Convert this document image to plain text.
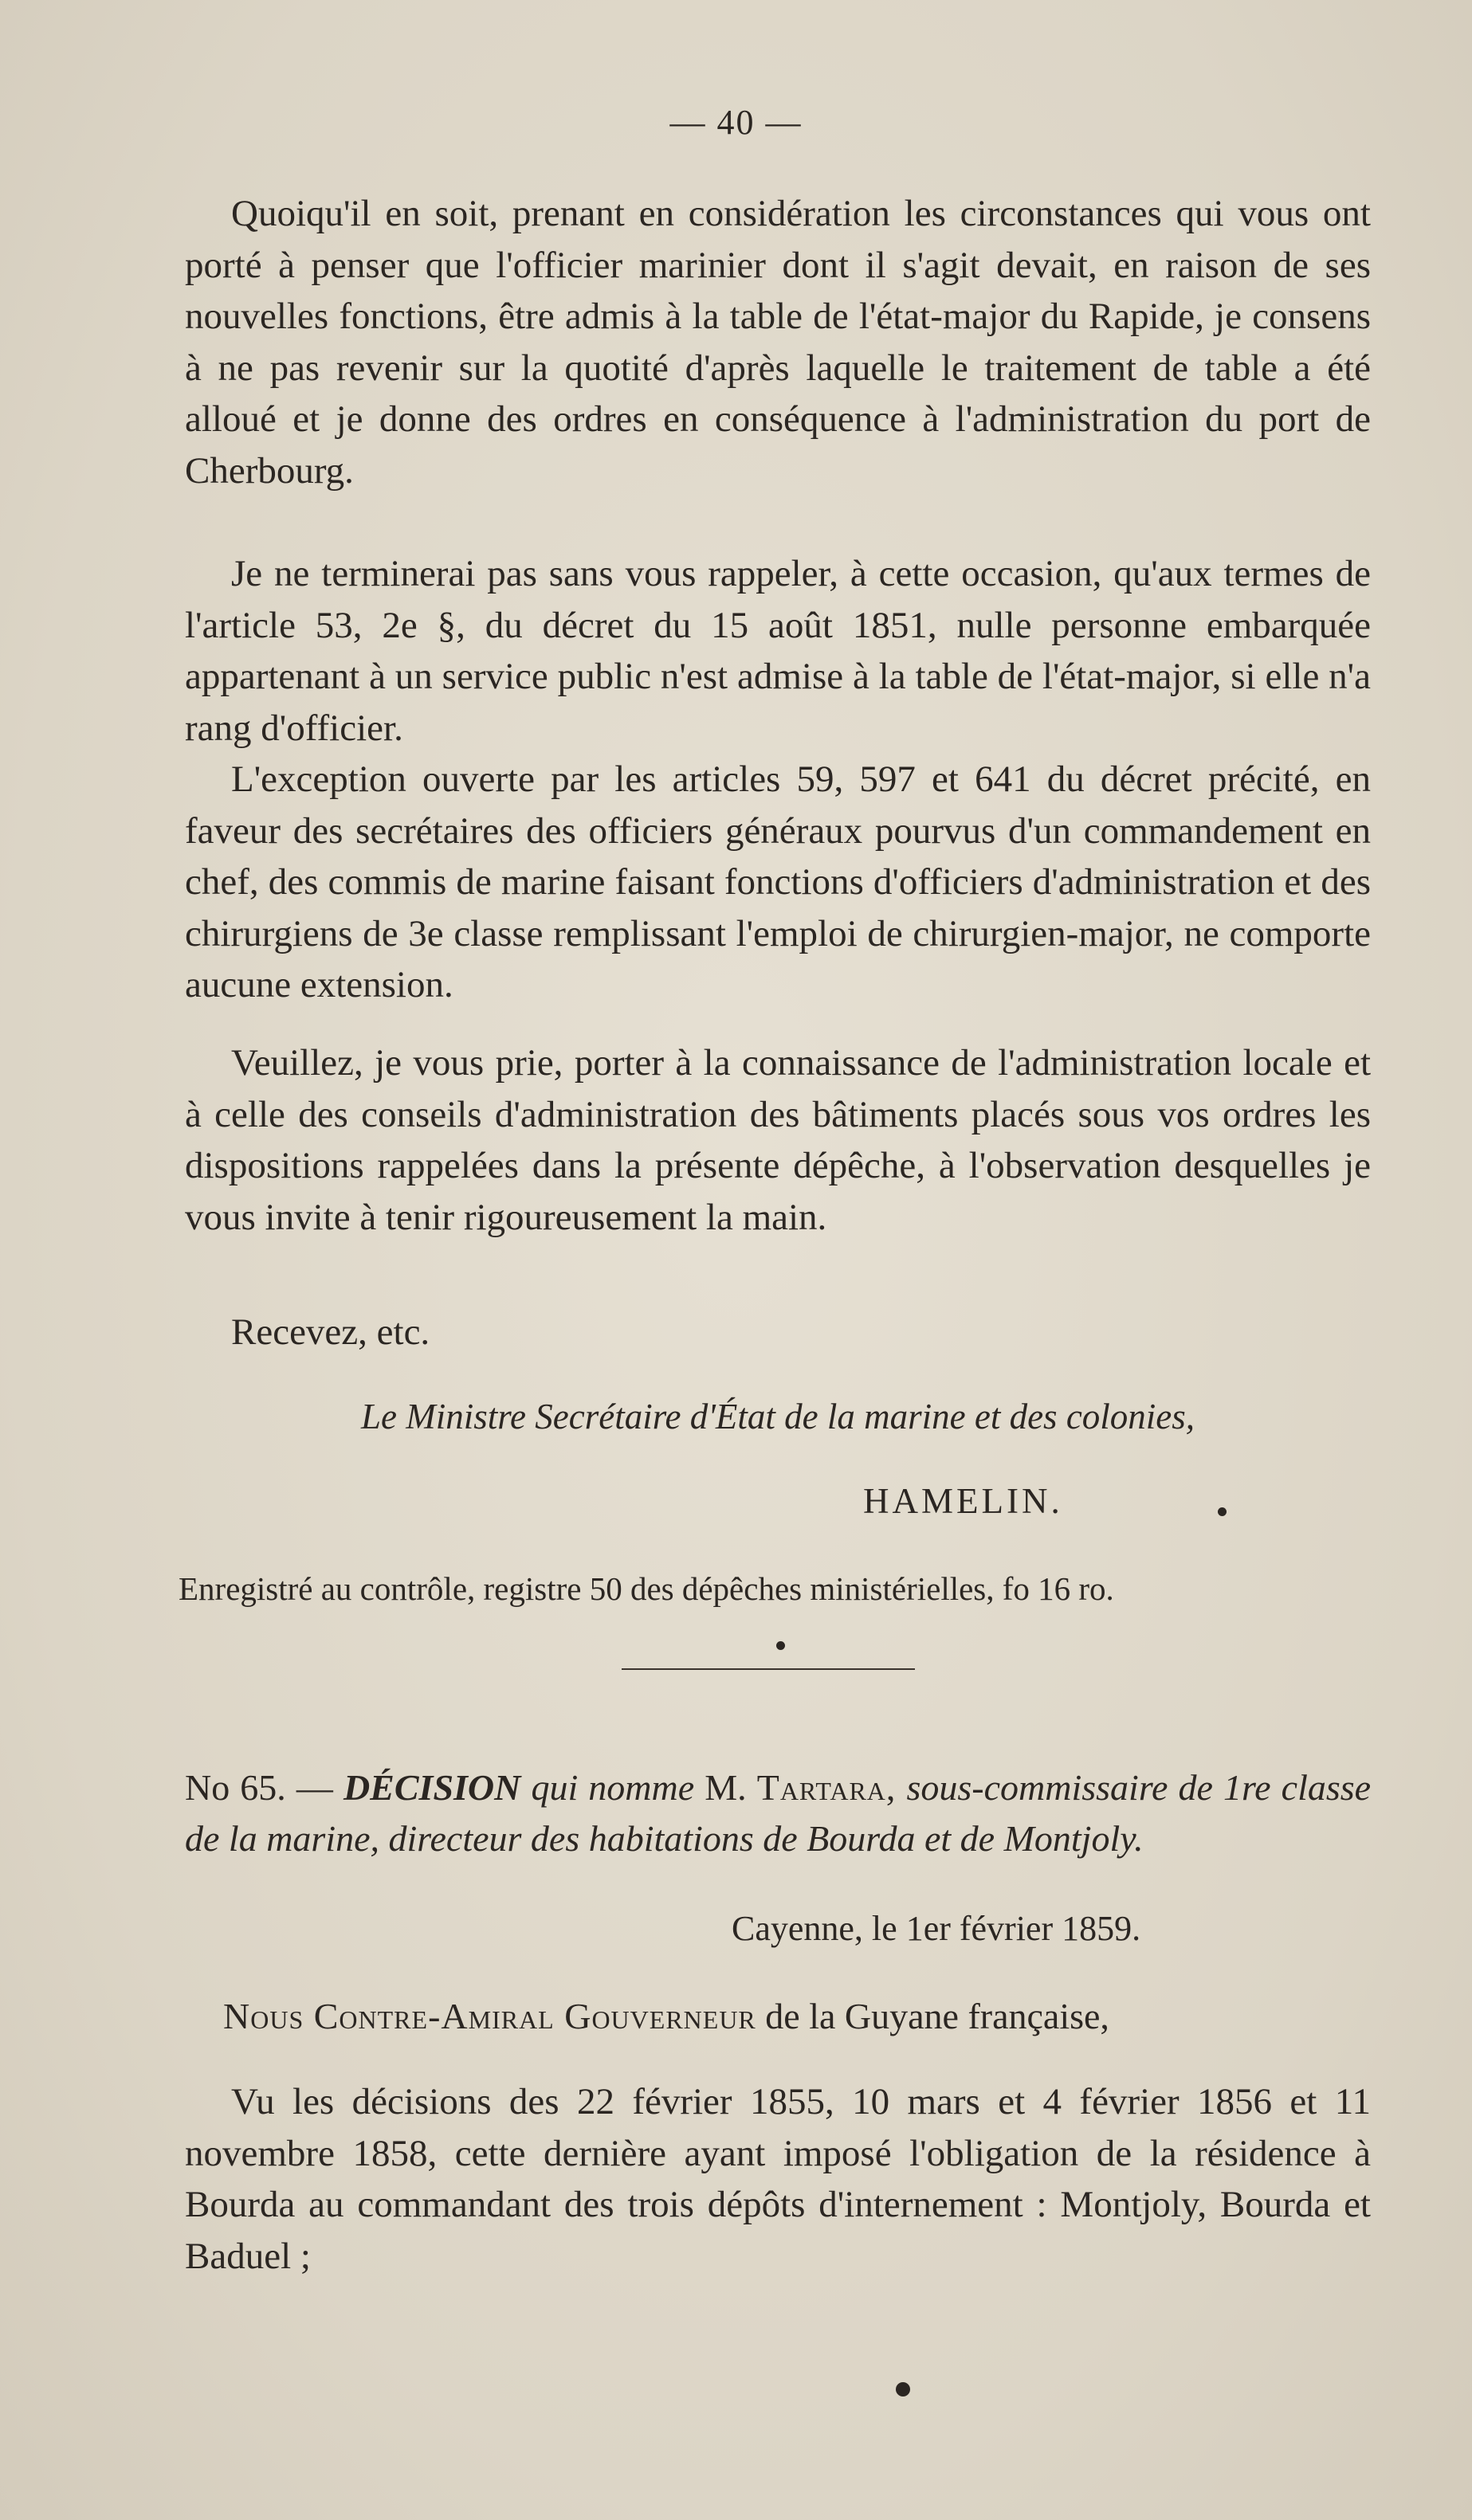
— 40 —
Quoiqu'il en soit, prenant en considération les circonstances qui vous ont porté à penser que l'officier marinier dont il s'agit devait, en raison de ses nouvelles fonctions, être admis à la table de l'état-major du Rapide, je consens à ne pas revenir sur la quotité d'après laquelle le traitement de table a été alloué et je donne des ordres en conséquence à l'administration du port de Cherbourg.
Je ne terminerai pas sans vous rappeler, à cette occasion, qu'aux termes de l'article 53, 2e §, du décret du 15 août 1851, nulle personne embarquée appartenant à un service public n'est admise à la table de l'état-major, si elle n'a rang d'officier.
L'exception ouverte par les articles 59, 597 et 641 du décret précité, en faveur des secrétaires des officiers généraux pourvus d'un commandement en chef, des commis de marine faisant fonctions d'officiers d'administration et des chirurgiens de 3e classe remplissant l'emploi de chirurgien-major, ne comporte aucune extension.
Veuillez, je vous prie, porter à la connaissance de l'administration locale et à celle des conseils d'administration des bâtiments placés sous vos ordres les dispositions rappelées dans la présente dépêche, à l'observation desquelles je vous invite à tenir rigoureusement la main.
Recevez, etc.
Le Ministre Secrétaire d'État de la marine et des colonies,
HAMELIN.
Enregistré au contrôle, registre 50 des dépêches ministérielles, fo 16 ro.
No 65. — DÉCISION qui nomme M. Tartara, sous-commissaire de 1re classe de la marine, directeur des habitations de Bourda et de Montjoly.
Cayenne, le 1er février 1859.
Nous Contre-Amiral Gouverneur de la Guyane française,
Vu les décisions des 22 février 1855, 10 mars et 4 février 1856 et 11 novembre 1858, cette dernière ayant imposé l'obligation de la résidence à Bourda au commandant des trois dépôts d'internement : Montjoly, Bourda et Baduel ;
